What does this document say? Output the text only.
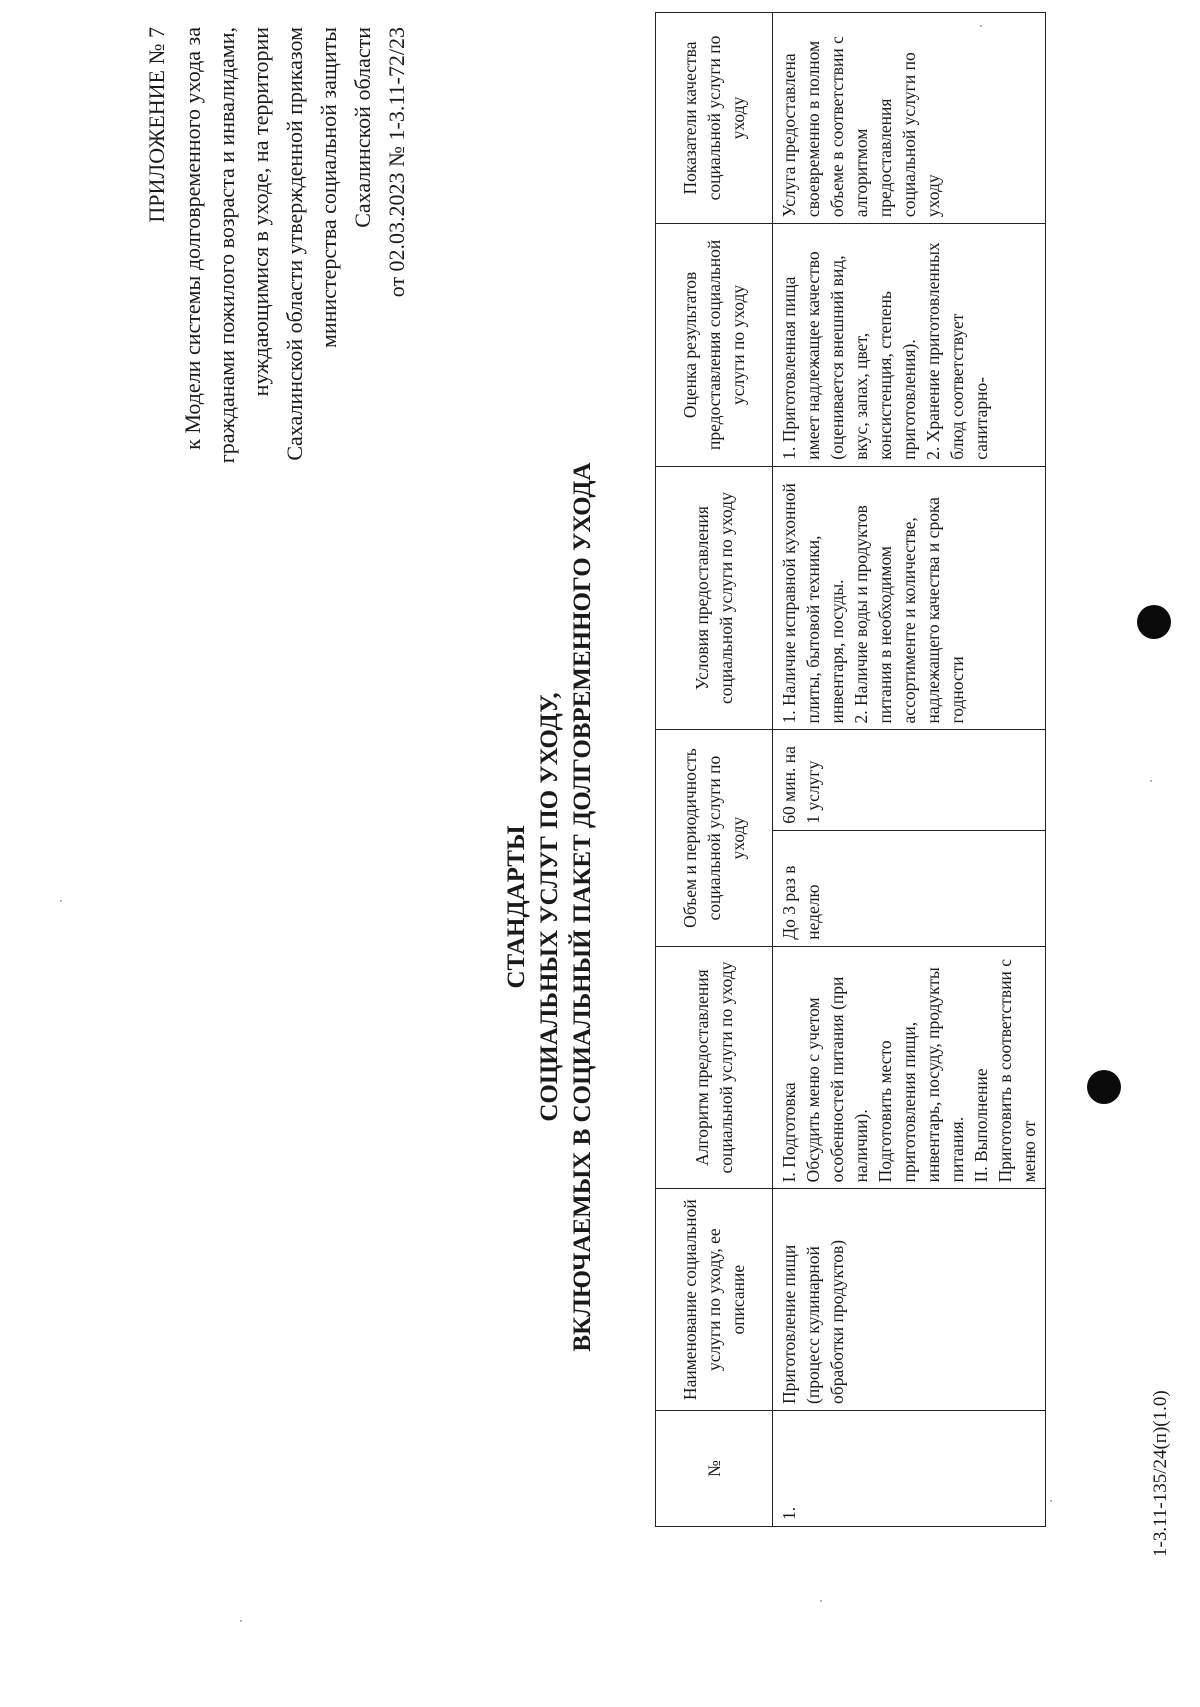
ПРИЛОЖЕНИЕ № 7 к Модели системы долговременного ухода за гражданами пожилого возраста и инвалидами, нуждающимися в уходе, на территории Сахалинской области утвержденной приказом министерства социальной защиты Сахалинской области от 02.03.2023 № 1-3.11-72/23
СТАНДАРТЫ СОЦИАЛЬНЫХ УСЛУГ ПО УХОДУ, ВКЛЮЧАЕМЫХ В СОЦИАЛЬНЫЙ ПАКЕТ ДОЛГОВРЕМЕННОГО УХОДА
№	Наименование социальной услуги по уходу, ее описание	Алгоритм предоставления социальной услуги по уходу	Объем и периодичность социальной услуги по уходу		Условия предоставления социальной услуги по уходу	Оценка результатов предоставления социальной услуги по уходу	Показатели качества социальной услуги по уходу
1.	Приготовление пищи (процесс кулинарной обработки продуктов)	I. Подготовка
Обсудить меню с учетом особенностей питания (при наличии).
Подготовить место приготовления пищи, инвентарь, посуду, продукты питания.
II. Выполнение
Приготовить в соответствии с меню от	До 3 раз в неделю	60 мин. на 1 услугу	1. Наличие исправной кухонной плиты, бытовой техники, инвентаря, посуды.
2. Наличие воды и продуктов питания в необходимом ассортименте и количестве, надлежащего качества и срока годности	1. Приготовленная пища имеет надлежащее качество (оценивается внешний вид, вкус, запах, цвет, консистенция, степень приготовления).
2. Хранение приготовленных блюд соответствует санитарно-	Услуга предоставлена своевременно в полном объеме в соответствии с алгоритмом предоставления социальной услуги по уходу
1-3.11-135/24(п)(1.0)
